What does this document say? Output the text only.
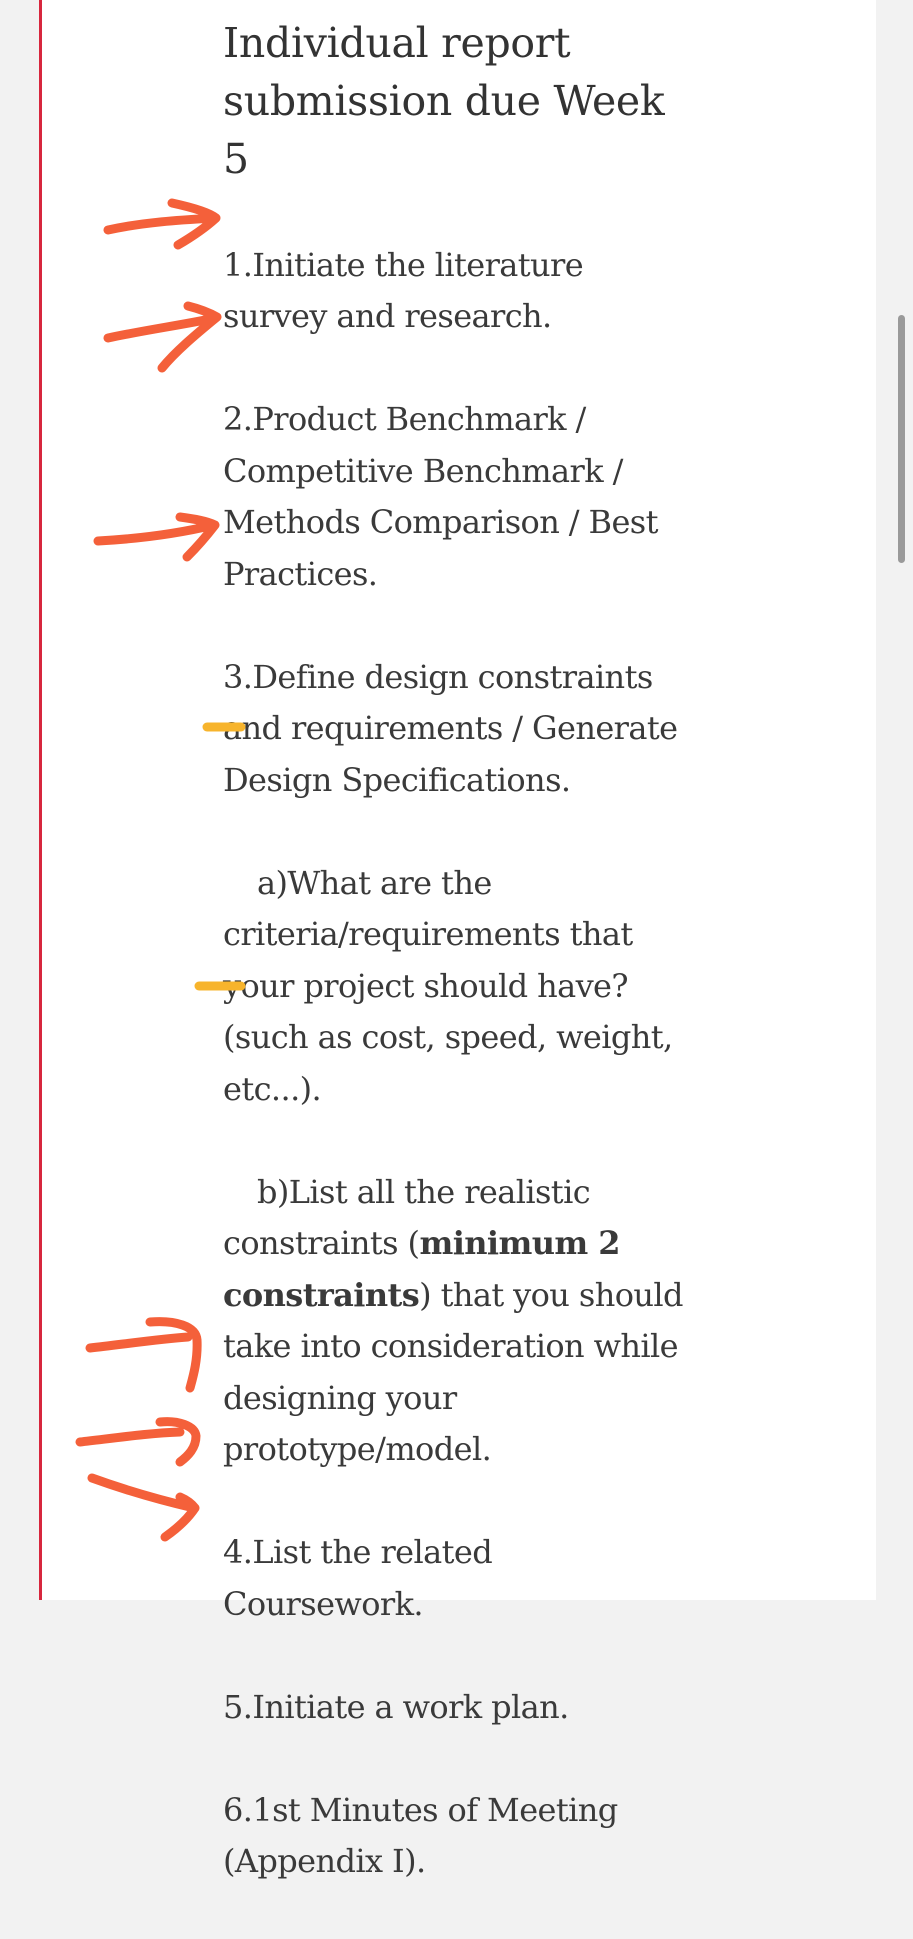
Individual report submission due Week 5

1.Initiate the literature survey and research.

2.Product Benchmark / Competitive Benchmark / Methods Comparison / Best Practices.

3.Define design constraints and requirements / Generate Design Specifications.

a)What are the criteria/requirements that your project should have? (such as cost, speed, weight, etc...).

b)List all the realistic constraints (minimum 2 constraints) that you should take into consideration while designing your prototype/model.

4.List the related Coursework.

5.Initiate a work plan.

6.1st Minutes of Meeting (Appendix I).
